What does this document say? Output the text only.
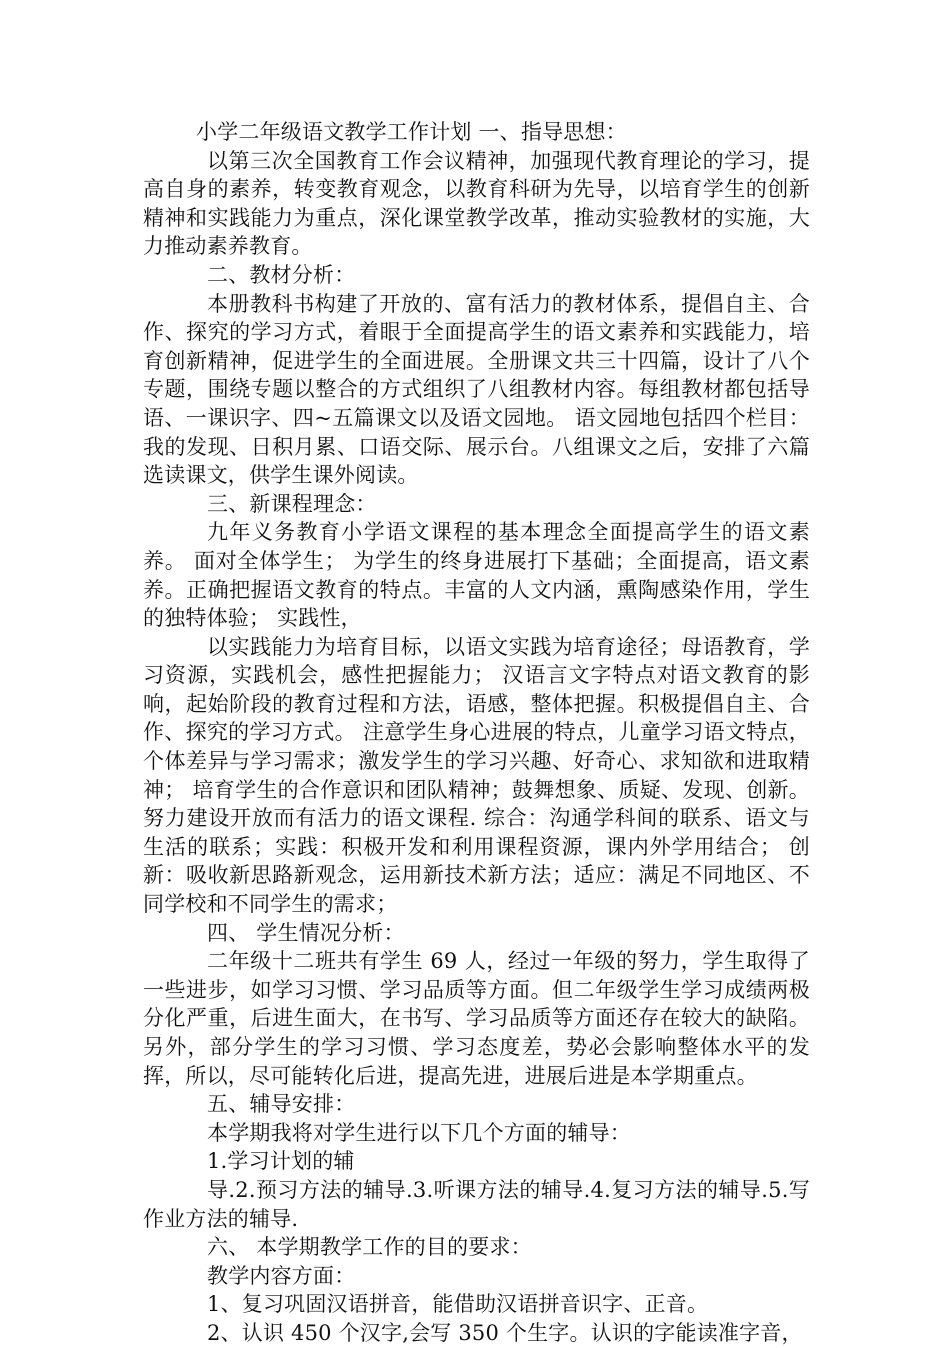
小学二年级语文教学工作计划 一、指导思想：

以第三次全国教育工作会议精神，加强现代教育理论的学习，提高自身的素养，转变教育观念，以教育科研为先导，以培育学生的创新精神和实践能力为重点，深化课堂教学改革，推动实验教材的实施，大力推动素养教育。

二、教材分析：

本册教科书构建了开放的、富有活力的教材体系，提倡自主、合作、探究的学习方式，着眼于全面提高学生的语文素养和实践能力，培育创新精神，促进学生的全面进展。全册课文共三十四篇，设计了八个专题，围绕专题以整合的方式组织了八组教材内容。每组教材都包括导语、一课识字、四~五篇课文以及语文园地。 语文园地包括四个栏目：我的发现、日积月累、口语交际、展示台。八组课文之后，安排了六篇选读课文，供学生课外阅读。

三、新课程理念：

九年义务教育小学语文课程的基本理念全面提高学生的语文素养。 面对全体学生； 为学生的终身进展打下基础；全面提高，语文素养。正确把握语文教育的特点。丰富的人文内涵，熏陶感染作用，学生的独特体验； 实践性，

以实践能力为培育目标，以语文实践为培育途径；母语教育，学习资源，实践机会，感性把握能力； 汉语言文字特点对语文教育的影响，起始阶段的教育过程和方法，语感，整体把握。积极提倡自主、合作、探究的学习方式。 注意学生身心进展的特点，儿童学习语文特点，个体差异与学习需求；激发学生的学习兴趣、好奇心、求知欲和进取精神； 培育学生的合作意识和团队精神；鼓舞想象、质疑、发现、创新。努力建设开放而有活力的语文课程. 综合：沟通学科间的联系、语文与生活的联系；实践：积极开发和利用课程资源，课内外学用结合； 创新：吸收新思路新观念，运用新技术新方法；适应：满足不同地区、不同学校和不同学生的需求；

四、 学生情况分析：

二年级十二班共有学生 69 人，经过一年级的努力，学生取得了一些进步，如学习习惯、学习品质等方面。但二年级学生学习成绩两极分化严重，后进生面大，在书写、学习品质等方面还存在较大的缺陷。另外，部分学生的学习习惯、学习态度差，势必会影响整体水平的发挥，所以，尽可能转化后进，提高先进，进展后进是本学期重点。

五、辅导安排：

本学期我将对学生进行以下几个方面的辅导：

1.学习计划的辅

导.2.预习方法的辅导.3.听课方法的辅导.4.复习方法的辅导.5.写作业方法的辅导.

六、 本学期教学工作的目的要求：

教学内容方面：

1、复习巩固汉语拼音，能借助汉语拼音识字、正音。

2、认识 450 个汉字,会写 350 个生字。认识的字能读准字音，
